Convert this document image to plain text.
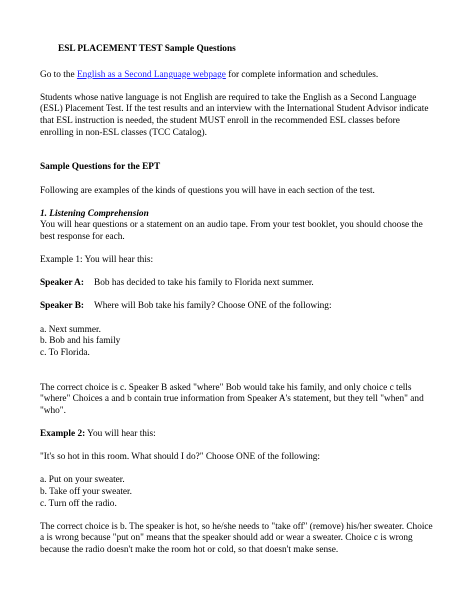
ESL PLACEMENT TEST Sample Questions

Go to the English as a Second Language webpage for complete information and schedules.

Students whose native language is not English are required to take the English as a Second Language (ESL) Placement Test. If the test results and an interview with the International Student Advisor indicate that ESL instruction is needed, the student MUST enroll in the recommended ESL classes before enrolling in non-ESL classes (TCC Catalog).

Sample Questions for the EPT

Following are examples of the kinds of questions you will have in each section of the test.

1. Listening Comprehension
You will hear questions or a statement on an audio tape. From your test booklet, you should choose the best response for each.

Example 1: You will hear this:

Speaker A:	Bob has decided to take his family to Florida next summer.
Speaker B:	Where will Bob take his family? Choose ONE of the following:
a. Next summer.
b. Bob and his family
c. To Florida.

The correct choice is c. Speaker B asked "where" Bob would take his family, and only choice c tells "where" Choices a and b contain true information from Speaker A's statement, but they tell "when" and "who".

Example 2: You will hear this:

"It's so hot in this room. What should I do?" Choose ONE of the following:

a. Put on your sweater.
b. Take off your sweater.
c. Turn off the radio.

The correct choice is b. The speaker is hot, so he/she needs to "take off" (remove) his/her sweater. Choice a is wrong because "put on" means that the speaker should add or wear a sweater. Choice c is wrong because the radio doesn't make the room hot or cold, so that doesn't make sense.
